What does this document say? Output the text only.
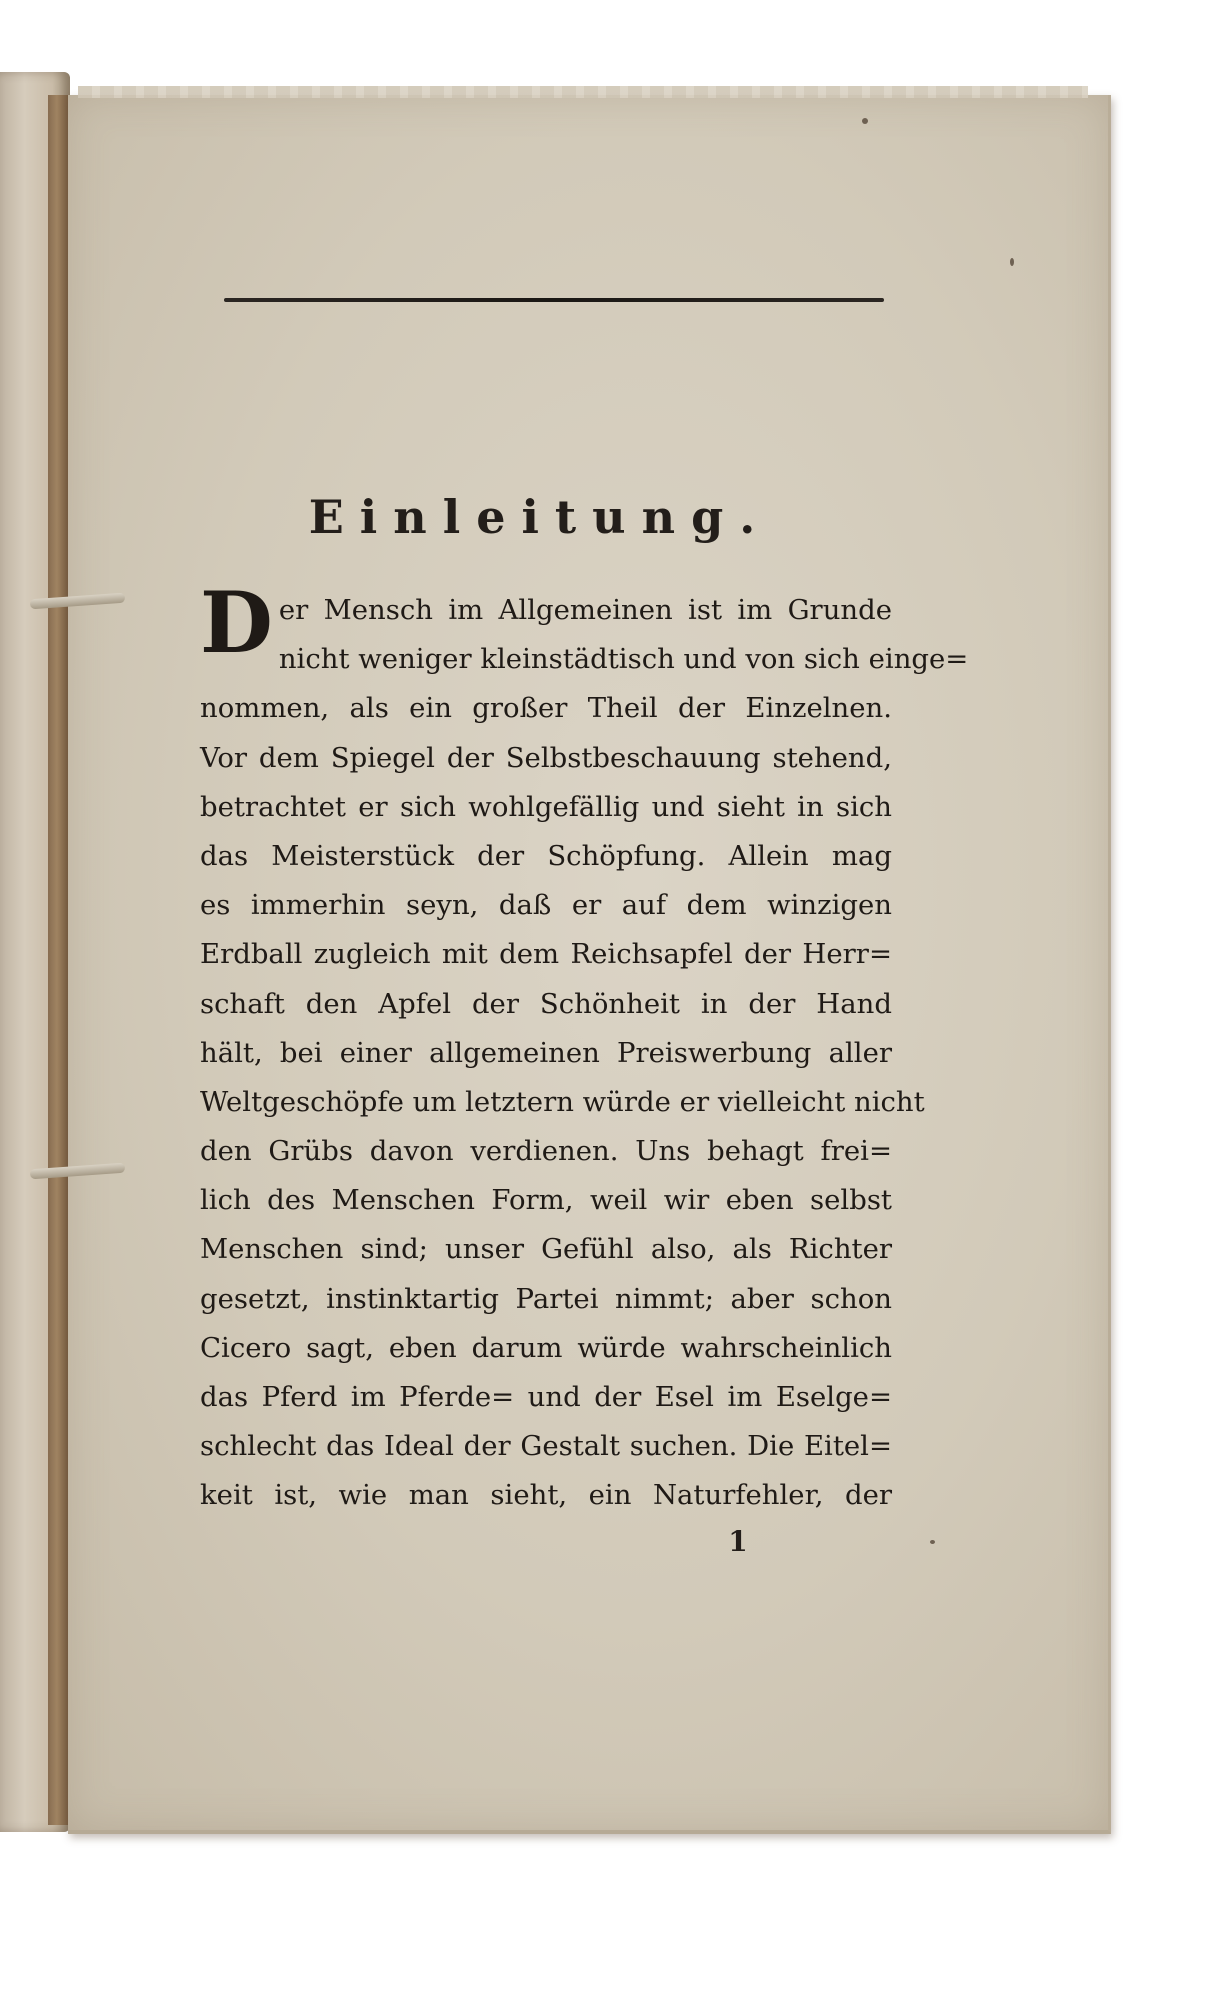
Einleitung.
Der Mensch im Allgemeinen ist im Grunde
nicht weniger kleinstädtisch und von sich einge=
nommen, als ein großer Theil der Einzelnen.
Vor dem Spiegel der Selbstbeschauung stehend,
betrachtet er sich wohlgefällig und sieht in sich
das Meisterstück der Schöpfung. Allein mag
es immerhin seyn, daß er auf dem winzigen
Erdball zugleich mit dem Reichsapfel der Herr=
schaft den Apfel der Schönheit in der Hand
hält, bei einer allgemeinen Preiswerbung aller
Weltgeschöpfe um letztern würde er vielleicht nicht
den Grübs davon verdienen. Uns behagt frei=
lich des Menschen Form, weil wir eben selbst
Menschen sind; unser Gefühl also, als Richter
gesetzt, instinktartig Partei nimmt; aber schon
Cicero sagt, eben darum würde wahrscheinlich
das Pferd im Pferde= und der Esel im Eselge=
schlecht das Ideal der Gestalt suchen. Die Eitel=
keit ist, wie man sieht, ein Naturfehler, der
1
